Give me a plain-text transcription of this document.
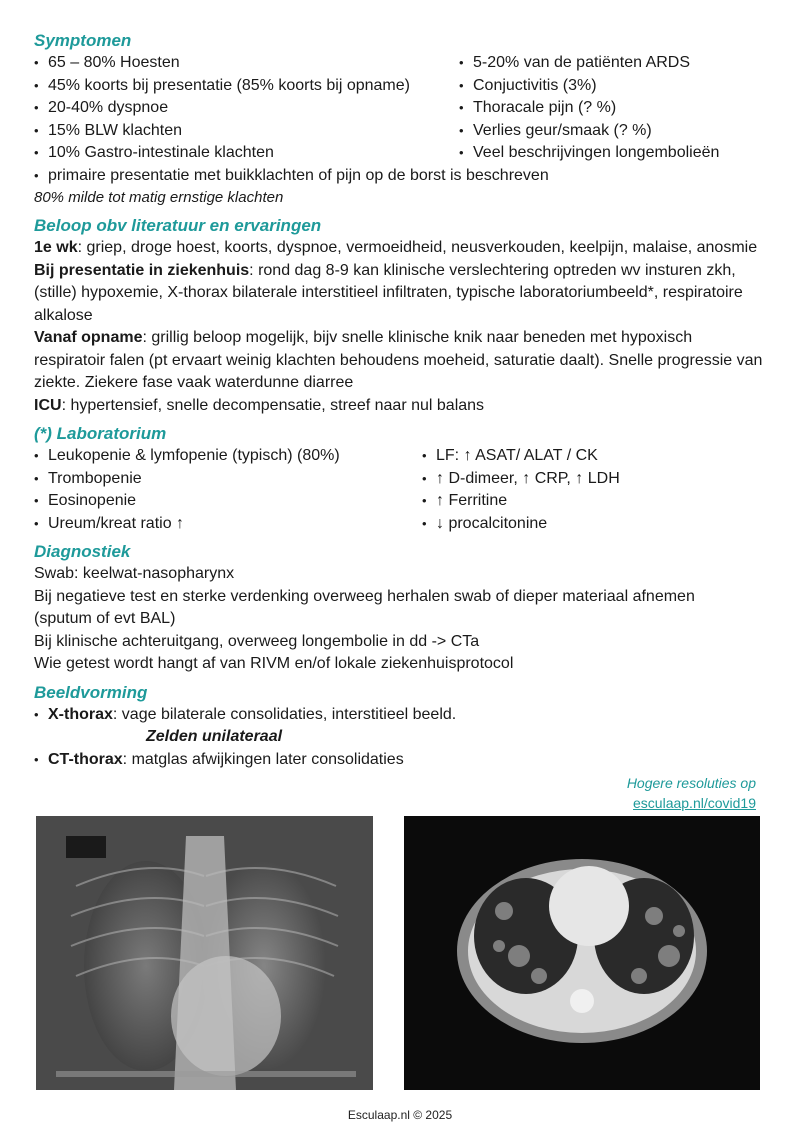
Symptomen
• 65 – 80% Hoesten
• 45% koorts bij presentatie (85% koorts bij opname)
• 20-40% dyspnoe
• 15% BLW klachten
• 10% Gastro-intestinale klachten
• 5-20% van de patiënten ARDS
• Conjuctivitis (3%)
• Thoracale pijn (? %)
• Verlies geur/smaak (? %)
• Veel beschrijvingen longembolieën
• primaire presentatie met buikklachten of pijn op de borst is beschreven
80% milde tot matig ernstige klachten
Beloop obv literatuur en ervaringen
1e wk: griep, droge hoest, koorts, dyspnoe, vermoeidheid, neusverkouden, keelpijn, malaise, anosmie
Bij presentatie in ziekenhuis: rond dag 8-9 kan klinische verslechtering optreden wv insturen zkh, (stille) hypoxemie, X-thorax bilaterale interstitieel infiltraten, typische laboratoriumbeeld*, respiratoire alkalose
Vanaf opname: grillig beloop mogelijk, bijv snelle klinische knik naar beneden met hypoxisch respiratoir falen (pt ervaart weinig klachten behoudens moeheid, saturatie daalt). Snelle progressie van ziekte. Ziekere fase vaak waterdunne diarree
ICU: hypertensief, snelle decompensatie, streef naar nul balans
(*) Laboratorium
• Leukopenie & lymfopenie (typisch) (80%)
• Trombopenie
• Eosinopenie
• Ureum/kreat ratio ↑
• LF: ↑ ASAT/ ALAT / CK
• ↑ D-dimeer, ↑ CRP, ↑ LDH
• ↑ Ferritine
• ↓ procalcitonine
Diagnostiek
Swab: keelwat-nasopharynx
Bij negatieve test en sterke verdenking overweeg herhalen swab of dieper materiaal afnemen (sputum of evt BAL)
Bij klinische achteruitgang, overweeg longembolie in dd -> CTa
Wie getest wordt hangt af van RIVM en/of lokale ziekenhuisprotocol
Beeldvorming
• X-thorax: vage bilaterale consolidaties, interstitieel beeld.
Zelden unilateraal
• CT-thorax: matglas afwijkingen later consolidaties
Hogere resoluties op
esculaap.nl/covid19
Esculaap.nl © 2025
